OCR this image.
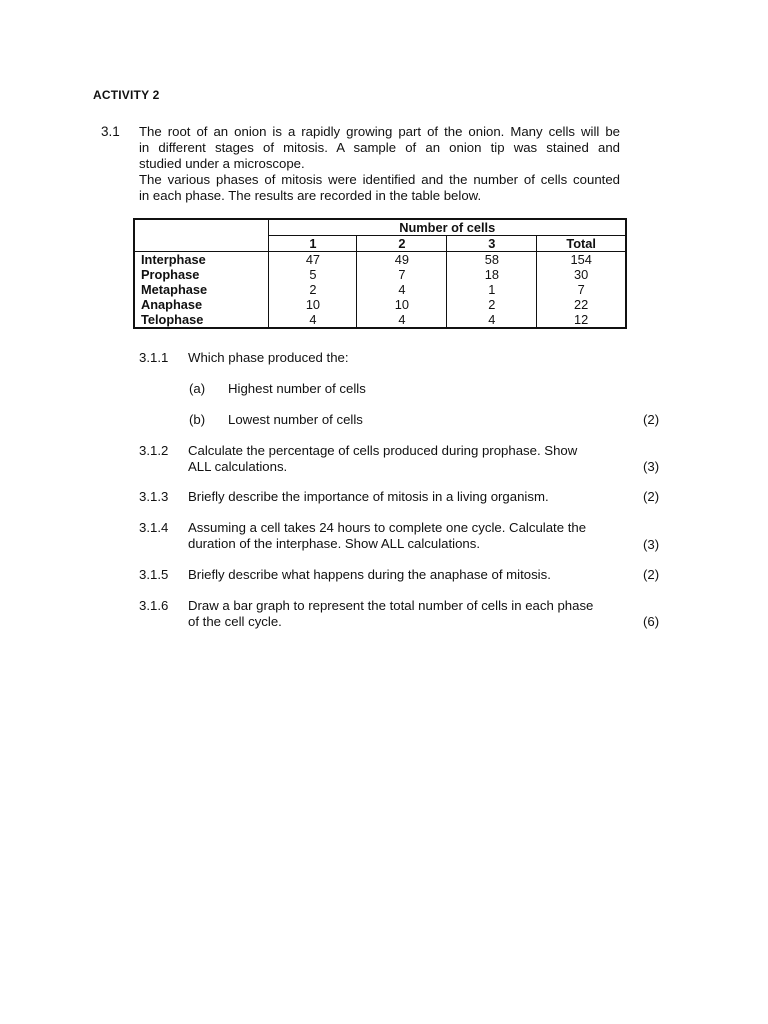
ACTIVITY 2
3.1 The root of an onion is a rapidly growing part of the onion. Many cells will be

in different stages of mitosis. A sample of an onion tip was stained and

studied under a microscope.

The various phases of mitosis were identified and the number of cells counted

in each phase. The results are recorded in the table below.

	Number of cells			
	1	2	3	Total
Interphase	47	49	58	154
Prophase	5	7	18	30
Metaphase	2	4	1	7
Anaphase	10	10	2	22
Telophase	4	4	4	12
3.1.1 Which phase produced the:

(a) Highest number of cells
(b) Lowest number of cells	(2)
3.1.2 Calculate the percentage of cells produced during prophase. Show

ALL calculations.	(3)
3.1.3 Briefly describe the importance of mitosis in a living organism.	(2)
3.1.4 Assuming a cell takes 24 hours to complete one cycle. Calculate the

duration of the interphase. Show ALL calculations.	(3)
3.1.5 Briefly describe what happens during the anaphase of mitosis.	(2)
3.1.6 Draw a bar graph to represent the total number of cells in each phase

of the cell cycle.	(6)
